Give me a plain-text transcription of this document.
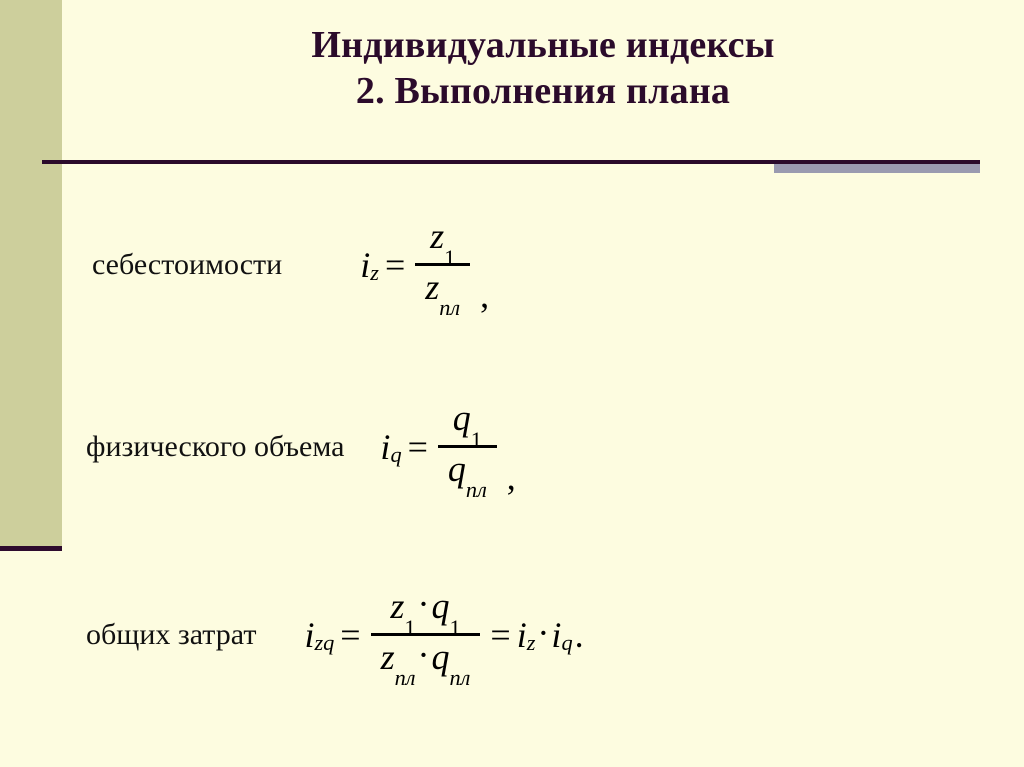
Индивидуальные индексы
2. Выполнения плана
себестоимости i $z = \frac{z_1}{z_{пл}}$ ,
физического объема i $q = \frac{q_1}{q_{пл}}$ ,
общих затрат i zq = $\frac{z_1\cdot q_1}{z_{пл}\cdot q_{пл}} = i$ z · i q .
